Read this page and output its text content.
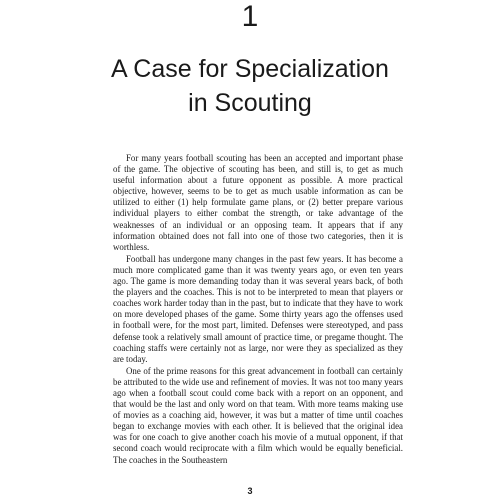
1
A Case for Specialization
in Scouting

For many years football scouting has been an accepted and important phase of the game. The objective of scouting has been, and still is, to get as much useful information about a future opponent as possible. A more practical objective, however, seems to be to get as much usable information as can be utilized to either (1) help formulate game plans, or (2) better prepare various individual players to either combat the strength, or take advantage of the weaknesses of an individual or an opposing team. It appears that if any information obtained does not fall into one of those two categories, then it is worthless.

Football has undergone many changes in the past few years. It has become a much more complicated game than it was twenty years ago, or even ten years ago. The game is more demanding today than it was several years back, of both the players and the coaches. This is not to be interpreted to mean that players or coaches work harder today than in the past, but to indicate that they have to work on more developed phases of the game. Some thirty years ago the offenses used in football were, for the most part, limited. Defenses were stereotyped, and pass defense took a relatively small amount of practice time, or pregame thought. The coaching staffs were certainly not as large, nor were they as specialized as they are today.

One of the prime reasons for this great advancement in football can certainly be attributed to the wide use and refinement of movies. It was not too many years ago when a football scout could come back with a report on an opponent, and that would be the last and only word on that team. With more teams making use of movies as a coaching aid, however, it was but a matter of time until coaches began to exchange movies with each other. It is believed that the original idea was for one coach to give another coach his movie of a mutual opponent, if that second coach would reciprocate with a film which would be equally beneficial. The coaches in the Southeastern

3
